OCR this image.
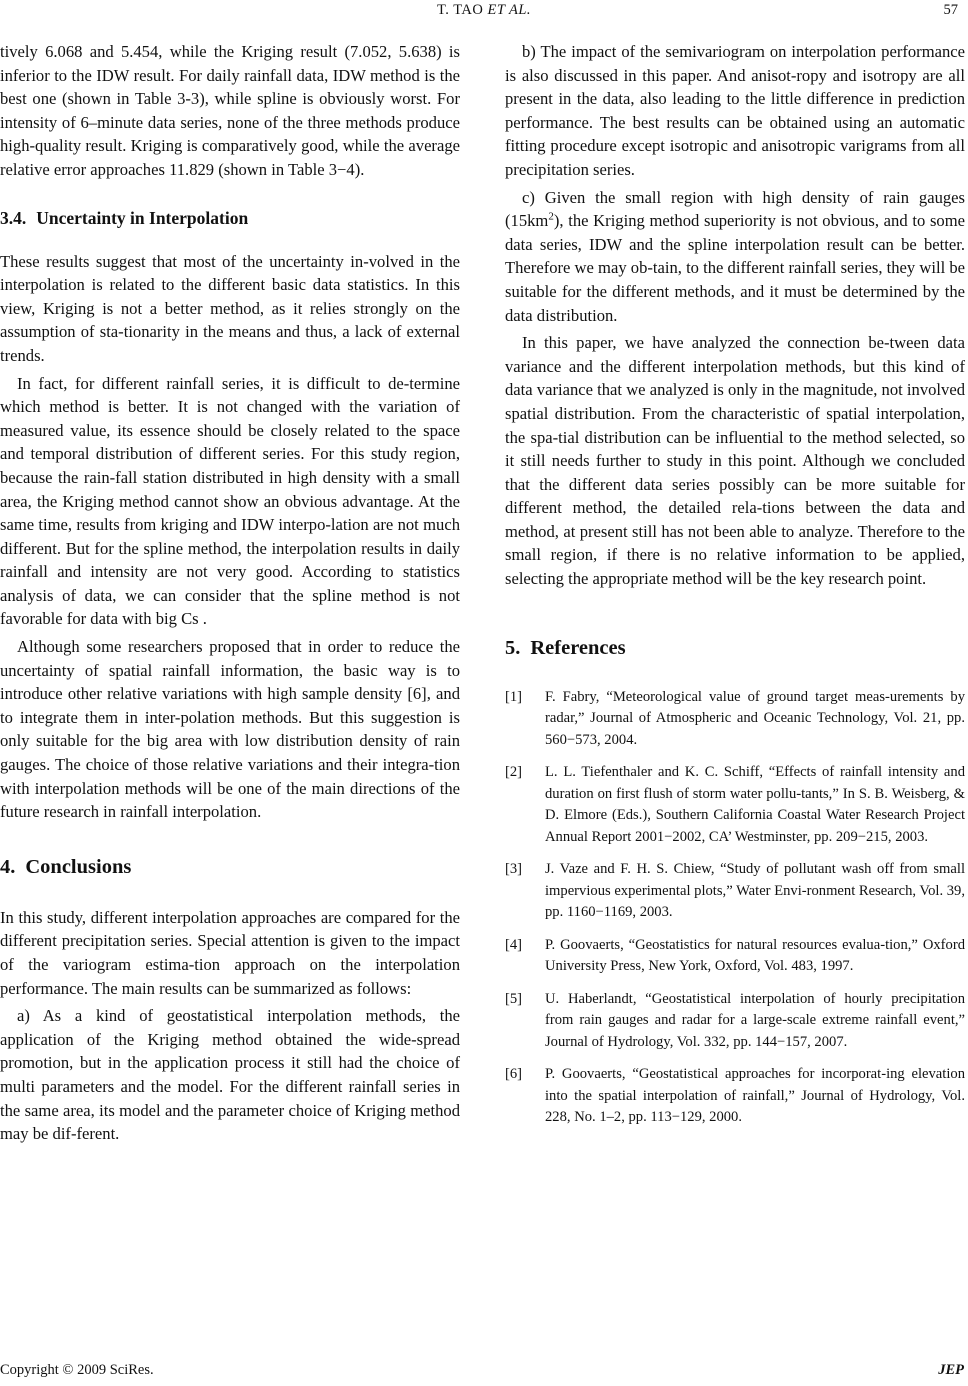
T. TAO ET AL.	57

tively 6.068 and 5.454, while the Kriging result (7.052, 5.638) is inferior to the IDW result. For daily rainfall data, IDW method is the best one (shown in Table 3-3), while spline is obviously worst. For intensity of 6–minute data series, none of the three methods produce high-quality result. Kriging is comparatively good, while the average relative error approaches 11.829 (shown in Table 3−4).

3.4. Uncertainty in Interpolation

These results suggest that most of the uncertainty in-volved in the interpolation is related to the different basic data statistics. In this view, Kriging is not a better method, as it relies strongly on the assumption of sta-tionarity in the means and thus, a lack of external trends.

In fact, for different rainfall series, it is difficult to de-termine which method is better. It is not changed with the variation of measured value, its essence should be closely related to the space and temporal distribution of different series. For this study region, because the rain-fall station distributed in high density with a small area, the Kriging method cannot show an obvious advantage. At the same time, results from kriging and IDW interpo-lation are not much different. But for the spline method, the interpolation results in daily rainfall and intensity are not very good. According to statistics analysis of data, we can consider that the spline method is not favorable for data with big Cs .

Although some researchers proposed that in order to reduce the uncertainty of spatial rainfall information, the basic way is to introduce other relative variations with high sample density [6], and to integrate them in inter-polation methods. But this suggestion is only suitable for the big area with low distribution density of rain gauges. The choice of those relative variations and their integra-tion with interpolation methods will be one of the main directions of the future research in rainfall interpolation.

4. Conclusions

In this study, different interpolation approaches are compared for the different precipitation series. Special attention is given to the impact of the variogram estima-tion approach on the interpolation performance. The main results can be summarized as follows:

a) As a kind of geostatistical interpolation methods, the application of the Kriging method obtained the wide-spread promotion, but in the application process it still had the choice of multi parameters and the model. For the different rainfall series in the same area, its model and the parameter choice of Kriging method may be dif-ferent.

b) The impact of the semivariogram on interpolation performance is also discussed in this paper. And anisot-ropy and isotropy are all present in the data, also leading to the little difference in prediction performance. The best results can be obtained using an automatic fitting procedure except isotropic and anisotropic varigrams from all precipitation series.

c) Given the small region with high density of rain gauges $(15km^2)$, the Kriging method superiority is not obvious, and to some data series, IDW and the spline interpolation result can be better. Therefore we may ob-tain, to the different rainfall series, they will be suitable for the different methods, and it must be determined by the data distribution.

In this paper, we have analyzed the connection be-tween data variance and the different interpolation methods, but this kind of data variance that we analyzed is only in the magnitude, not involved spatial distribution. From the characteristic of spatial interpolation, the spa-tial distribution can be influential to the method selected, so it still needs further to study in this point. Although we concluded that the different data series possibly can be more suitable for different method, the detailed rela-tions between the data and method, at present still has not been able to analyze. Therefore to the small region, if there is no relative information to be applied, selecting the appropriate method will be the key research point.

5. References
[1]	F. Fabry, “Meteorological value of ground target meas-urements by radar,” Journal of Atmospheric and Oceanic Technology, Vol. 21, pp. 560−573, 2004.
[2]	L. L. Tiefenthaler and K. C. Schiff, “Effects of rainfall intensity and duration on first flush of storm water pollu-tants,” In S. B. Weisberg, & D. Elmore (Eds.), Southern California Coastal Water Research Project Annual Report 2001−2002, CA’ Westminster, pp. 209−215, 2003.
[3]	J. Vaze and F. H. S. Chiew, “Study of pollutant wash off from small impervious experimental plots,” Water Envi-ronment Research, Vol. 39, pp. 1160−1169, 2003.
[4]	P. Goovaerts, “Geostatistics for natural resources evalua-tion,” Oxford University Press, New York, Oxford, Vol. 483, 1997.
[5]	U. Haberlandt, “Geostatistical interpolation of hourly precipitation from rain gauges and radar for a large-scale extreme rainfall event,” Journal of Hydrology, Vol. 332, pp. 144−157, 2007.
[6]	P. Goovaerts, “Geostatistical approaches for incorporat-ing elevation into the spatial interpolation of rainfall,” Journal of Hydrology, Vol. 228, No. 1–2, pp. 113−129, 2000.
Copyright © 2009 SciRes.	JEP
